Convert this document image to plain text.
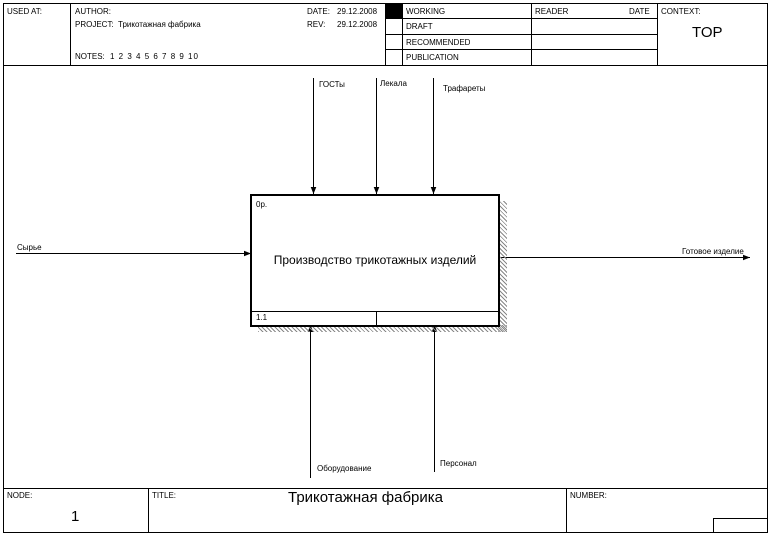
0р.
Производство трикотажных изделий
1.1
ГОСТы	Лекала
Трафареты
Сырье	Готовое изделие
Оборудование
Персонал
USED AT:	AUTHOR:
PROJECT: Трикотажная фабрика
NOTES: 1 2 3 4 5 6 7 8 9 10
DATE: 29.12.2008
REV: 29.12.2008
WORKING
DRAFT
RECOMMENDED
PUBLICATION
READER	DATE CONTEXT:
TOP
NODE:
1
TITLE:	Трикотажная фабрика	NUMBER:
